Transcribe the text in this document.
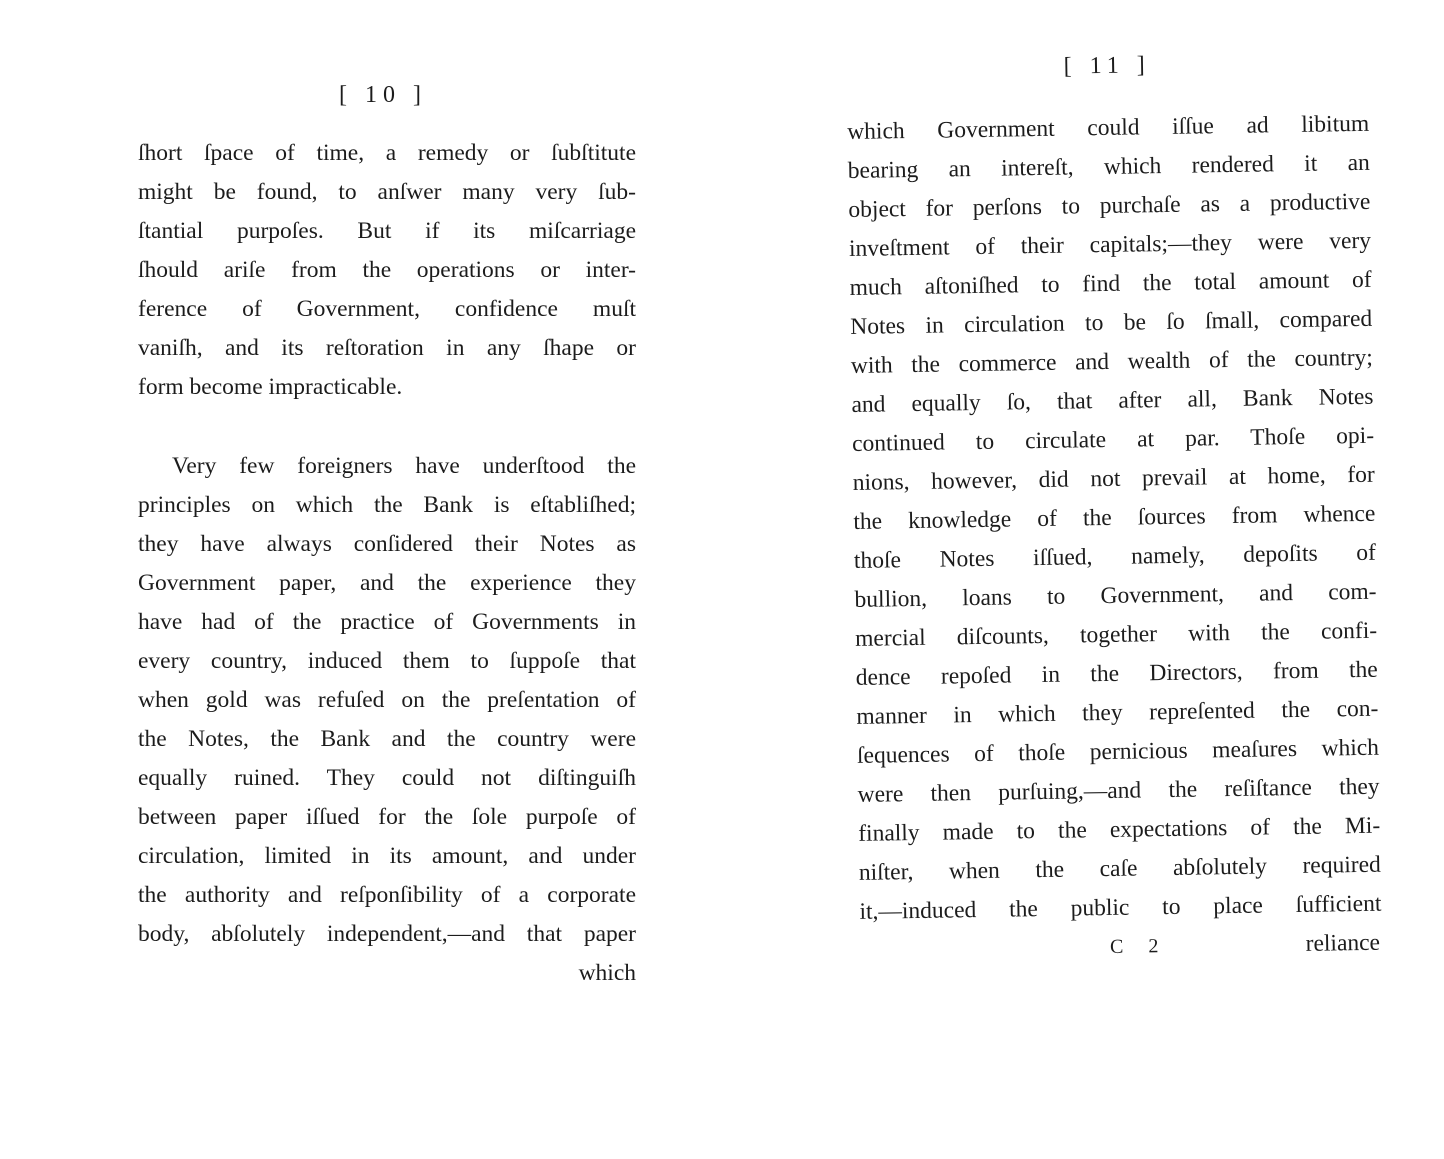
[ 10 ]

ſhort ſpace of time, a remedy or ſubſtitute
might be found, to anſwer many very ſub-
ſtantial purpoſes. But if its miſcarriage
ſhould ariſe from the operations or inter-
ference of Government, confidence muſt
vaniſh, and its reſtoration in any ſhape or
form become impracticable.
Very few foreigners have underſtood the
principles on which the Bank is eſtabliſhed;
they have always conſidered their Notes as
Government paper, and the experience they
have had of the practice of Governments in
every country, induced them to ſuppoſe that
when gold was refuſed on the preſentation of
the Notes, the Bank and the country were
equally ruined. They could not diſtinguiſh
between paper iſſued for the ſole purpoſe of
circulation, limited in its amount, and under
the authority and reſponſibility of a corporate
body, abſolutely independent,—and that paper
which

[ 11 ]

which Government could iſſue ad libitum
bearing an intereſt, which rendered it an
object for perſons to purchaſe as a productive
inveſtment of their capitals;—they were very
much aſtoniſhed to find the total amount of
Notes in circulation to be ſo ſmall, compared
with the commerce and wealth of the country;
and equally ſo, that after all, Bank Notes
continued to circulate at par. Thoſe opi-
nions, however, did not prevail at home, for
the knowledge of the ſources from whence
thoſe Notes iſſued, namely, depoſits of
bullion, loans to Government, and com-
mercial diſcounts, together with the confi-
dence repoſed in the Directors, from the
manner in which they repreſented the con-
ſequences of thoſe pernicious meaſures which
were then purſuing,—and the reſiſtance they
finally made to the expectations of the Mi-
niſter, when the caſe abſolutely required
it,—induced the public to place ſufficient
C 2	reliance
